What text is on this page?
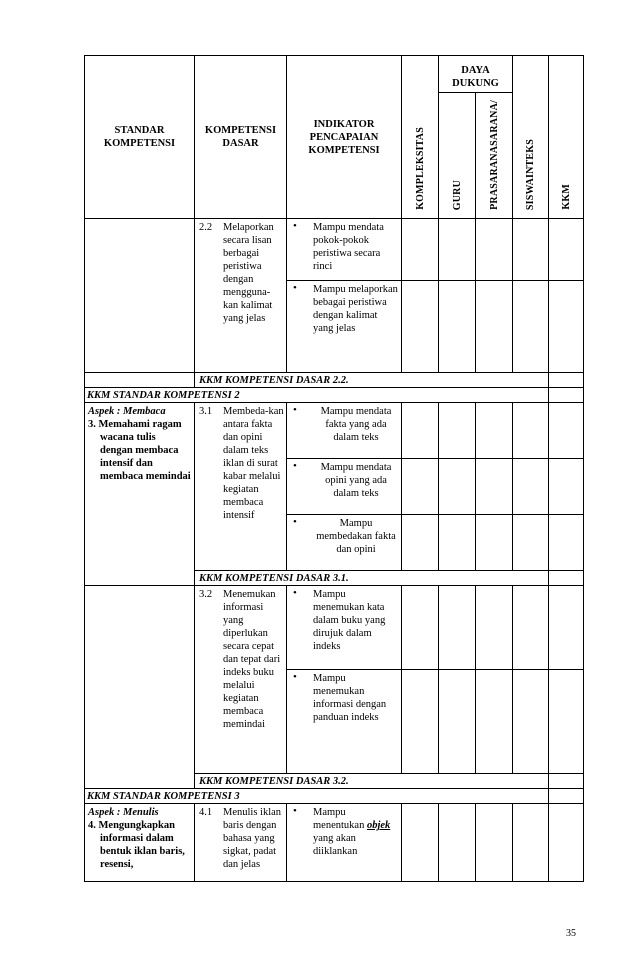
STANDAR KOMPETENSI	KOMPETENSI DASAR	INDIKATOR PENCAPAIAN KOMPETENSI	KOMPLEKSITAS	DAYA DUKUNG		SISWAINTEKS	KKM
				GURU	PRASARANASARANA/		

	2.2 Melaporkan secara lisan berbagai peristiwa dengan mengguna-kan kalimat yang jelas	• Mampu mendata pokok-pokok peristiwa secara rinci					

		• Mampu melaporkan bebagai peristiwa dengan kalimat yang jelas					

	KKM KOMPETENSI DASAR 2.2.						
KKM STANDAR KOMPETENSI 2							

Aspek : Membaca
3. Memahami ragam wacana tulis dengan membaca intensif dan membaca memindai	3.1 Membeda-kan antara fakta dan opini dalam teks iklan di surat kabar melalui kegiatan membaca intensif	• Mampu mendata fakta yang ada dalam teks					

		• Mampu mendata opini yang ada dalam teks					

		• Mampu membedakan fakta dan opini					

	KKM KOMPETENSI DASAR 3.1.						

	3.2 Menemukan informasi yang diperlukan secara cepat dan tepat dari indeks buku melalui kegiatan membaca memindai	• Mampu menemukan kata dalam buku yang dirujuk dalam indeks					

		• Mampu menemukan informasi dengan panduan indeks					

	KKM KOMPETENSI DASAR 3.2.						
KKM STANDAR KOMPETENSI 3							

Aspek : Menulis
4. Mengungkapkan informasi dalam bentuk iklan baris, resensi,	4.1 Menulis iklan baris dengan bahasa yang sigkat, padat dan jelas	• Mampu menentukan objek yang akan diiklankan					

35
